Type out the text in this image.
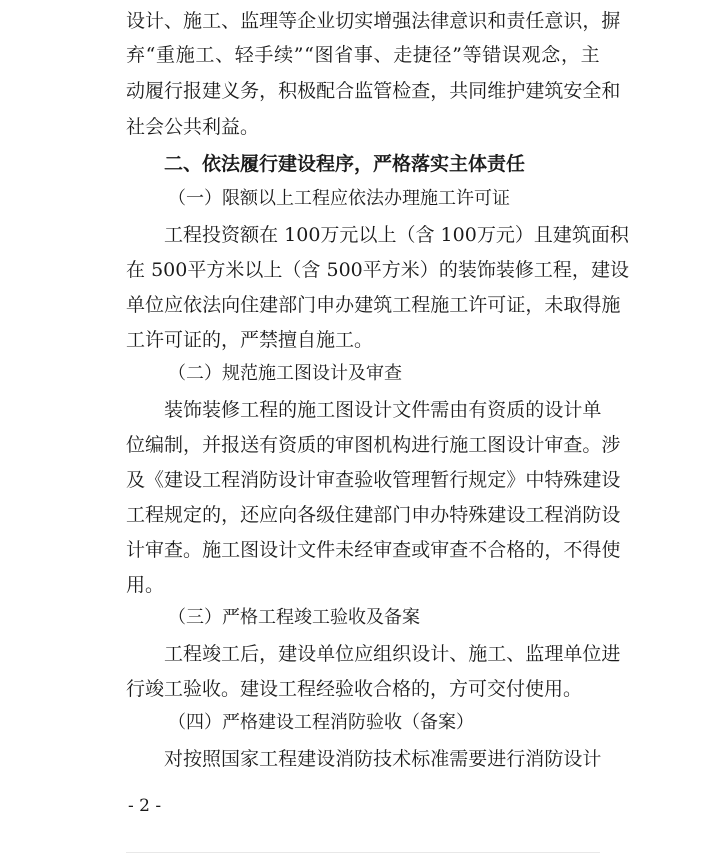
设 计 、 施 工 、 监 理 等 企 业 切 实 增 强 法 律 意 识 和 责 任 意 识 ， 摒
弃 “ 重 施 工 、 轻 手 续 ” “ 图 省 事 、 走 捷 径 ” 等 错 误 观 念 ， 主
动 履 行 报 建 义 务 ， 积 极 配 合 监 管 检 查 ， 共 同 维 护 建 筑 安 全 和
社会公共利益。
二、依法履行建设程序，严格落实主体责任
（一）限额以上工程应依法办理施工许可证
工 程 投 资 额 在
100 万 元 以 上 （ 含
100 万 元 ） 且 建 筑 面 积
在
500 平 方 米 以 上 （ 含
500 平 方 米 ） 的 装 饰 装 修 工 程 ， 建 设
单 位 应 依 法 向 住 建 部 门 申 办 建 筑 工 程 施 工 许 可 证 ， 未 取 得 施
工许可证的，严禁擅自施工。
（二）规范施工图设计及审查
装 饰 装 修 工 程 的 施 工 图 设 计 文 件 需 由 有 资 质 的 设 计 单
位 编 制 ， 并 报 送 有 资 质 的 审 图 机 构 进 行 施 工 图 设 计 审 查 。 涉
及 《 建 设 工 程 消 防 设 计 审 查 验 收 管 理 暂 行 规 定 》 中 特 殊 建 设
工 程 规 定 的 ， 还 应 向 各 级 住 建 部 门 申 办 特 殊 建 设 工 程 消 防 设
计 审 查 。 施 工 图 设 计 文 件 未 经 审 查 或 审 查 不 合 格 的 ， 不 得 使
用。
（三）严格工程竣工验收及备案
工 程 竣 工 后 ， 建 设 单 位 应 组 织 设 计 、 施 工 、 监 理 单 位 进
行竣工验收。建设工程经验收合格的，方可交付使用。
（四）严格建设工程消防验收（备案）
对 按 照 国 家 工 程 建 设 消 防 技 术 标 准 需 要 进 行 消 防 设 计
- 2 -
